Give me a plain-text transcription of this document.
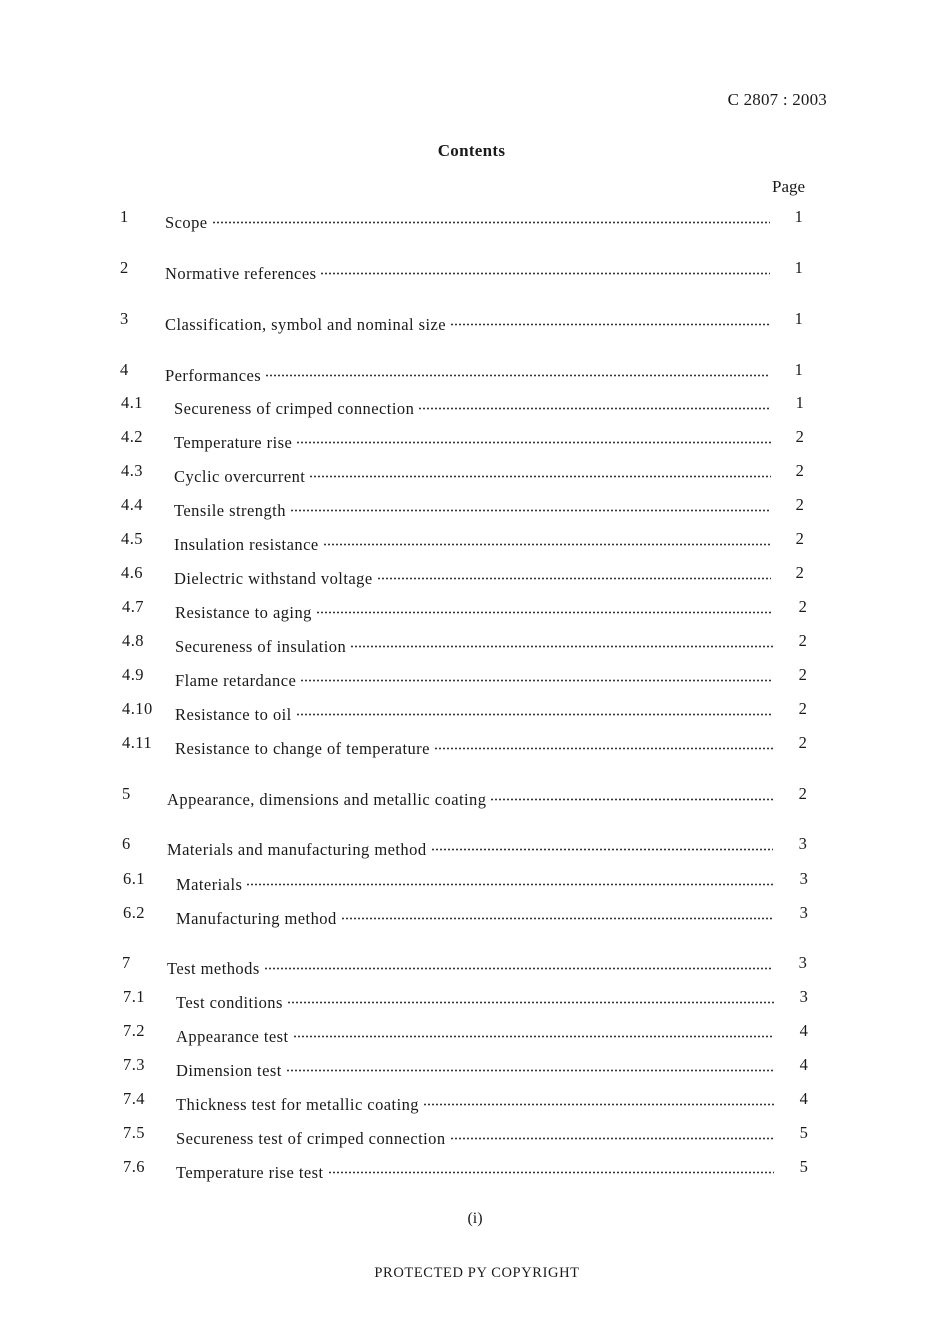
C 2807 : 2003
Contents
Page
1 Scope	1
2 Normative references	1
3 Classification, symbol and nominal size	1
4 Performances	1
4.1 Secureness of crimped connection	1
4.2 Temperature rise	2
4.3 Cyclic overcurrent	2
4.4 Tensile strength	2
4.5 Insulation resistance	2
4.6 Dielectric withstand voltage	2
4.7 Resistance to aging	2
4.8 Secureness of insulation	2
4.9 Flame retardance	2
4.10 Resistance to oil	2
4.11 Resistance to change of temperature	2
5 Appearance, dimensions and metallic coating	2
6 Materials and manufacturing method	3
6.1 Materials	3
6.2 Manufacturing method	3
7 Test methods	3
7.1 Test conditions	3
7.2 Appearance test	4
7.3 Dimension test	4
7.4 Thickness test for metallic coating	4
7.5 Secureness test of crimped connection	5
7.6 Temperature rise test	5
(i)
PROTECTED PY COPYRIGHT
